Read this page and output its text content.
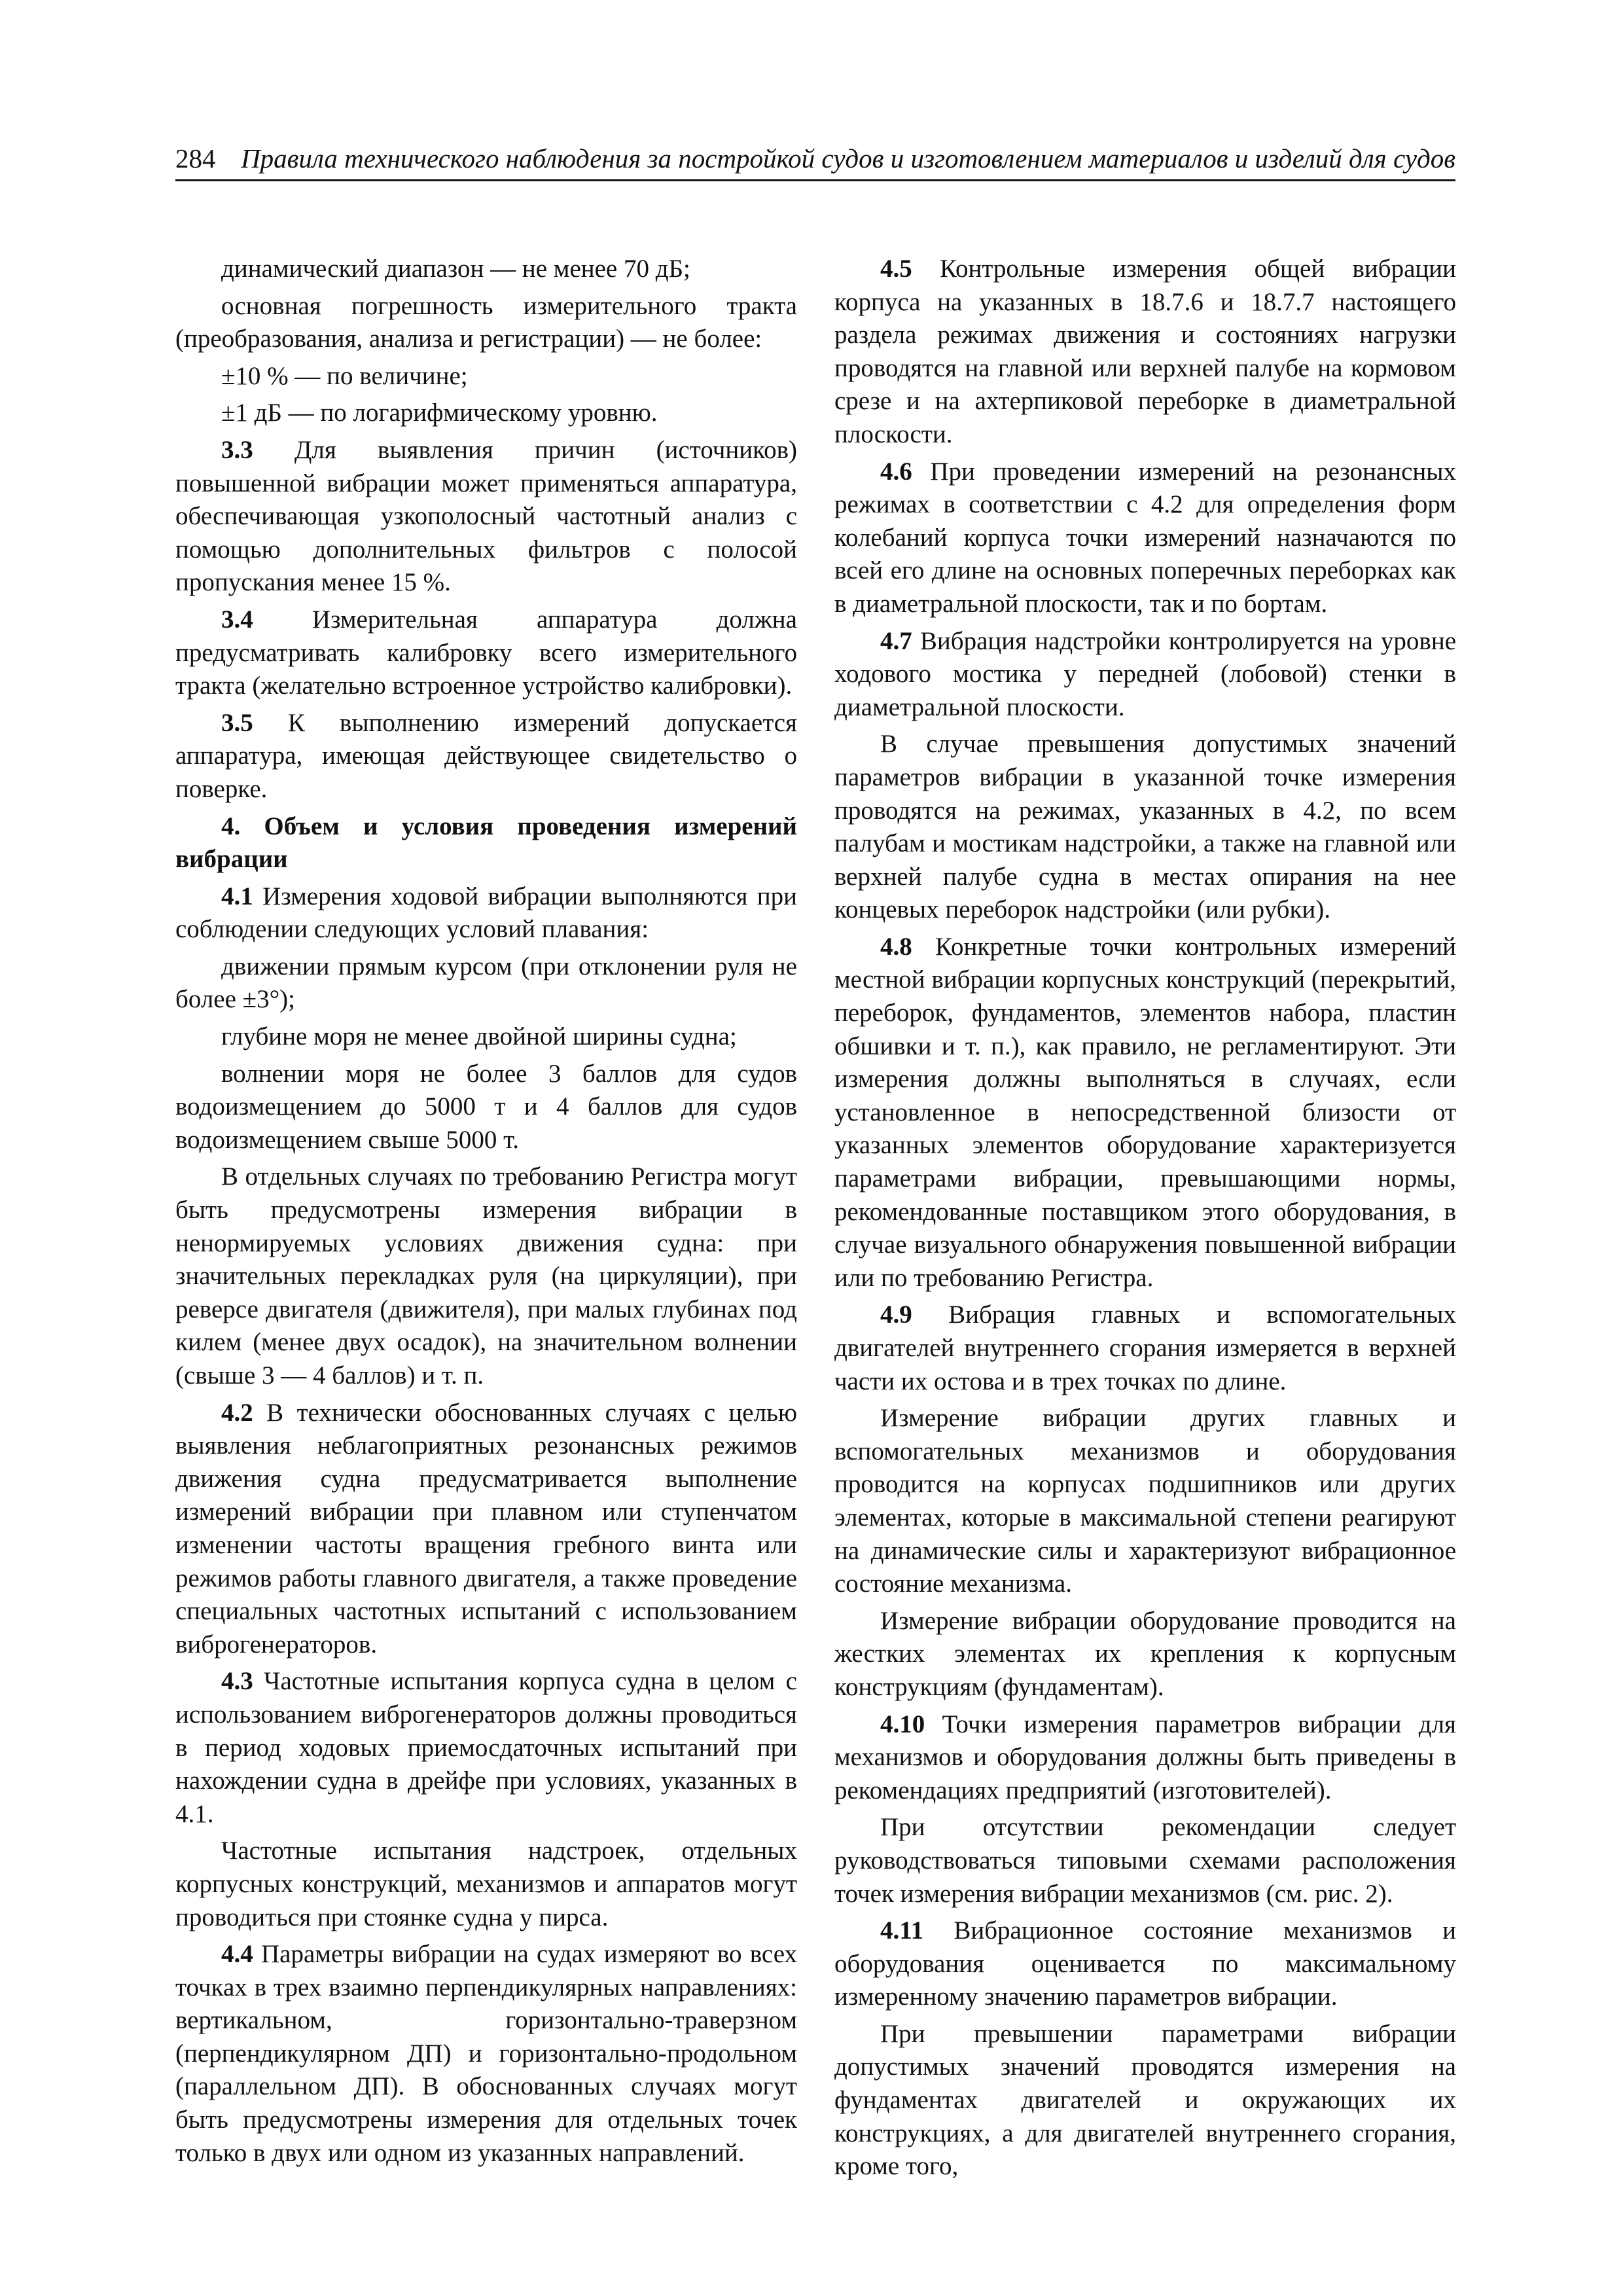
284 Правила технического наблюдения за постройкой судов и изготовлением материалов и изделий для судов

динамический диапазон — не менее 70 дБ;

основная погрешность измерительного тракта (преобразования, анализа и регистрации) — не более:

±10 % — по величине;

±1 дБ — по логарифмическому уровню.

3.3 Для выявления причин (источников) повышенной вибрации может применяться аппаратура, обеспечивающая узкополосный частотный анализ с помощью дополнительных фильтров с полосой пропускания менее 15 %.

3.4 Измерительная аппаратура должна предусматривать калибровку всего измерительного тракта (желательно встроенное устройство калибровки).

3.5 К выполнению измерений допускается аппаратура, имеющая действующее свидетельство о поверке.

4. Объем и условия проведения измерений вибрации

4.1 Измерения ходовой вибрации выполняются при соблюдении следующих условий плавания:

движении прямым курсом (при отклонении руля не более ±3°);

глубине моря не менее двойной ширины судна;

волнении моря не более 3 баллов для судов водоизмещением до 5000 т и 4 баллов для судов водоизмещением свыше 5000 т.

В отдельных случаях по требованию Регистра могут быть предусмотрены измерения вибрации в ненормируемых условиях движения судна: при значительных перекладках руля (на циркуляции), при реверсе двигателя (движителя), при малых глубинах под килем (менее двух осадок), на значительном волнении (свыше 3 — 4 баллов) и т. п.

4.2 В технически обоснованных случаях с целью выявления неблагоприятных резонансных режимов движения судна предусматривается выполнение измерений вибрации при плавном или ступенчатом изменении частоты вращения гребного винта или режимов работы главного двигателя, а также проведение специальных частотных испытаний с использованием виброгенераторов.

4.3 Частотные испытания корпуса судна в целом с использованием виброгенераторов должны проводиться в период ходовых приемосдаточных испытаний при нахождении судна в дрейфе при условиях, указанных в 4.1.

Частотные испытания надстроек, отдельных корпусных конструкций, механизмов и аппаратов могут проводиться при стоянке судна у пирса.

4.4 Параметры вибрации на судах измеряют во всех точках в трех взаимно перпендикулярных направлениях: вертикальном, горизонтально-траверзном (перпендикулярном ДП) и горизонтально-продольном (параллельном ДП). В обоснованных случаях могут быть предусмотрены измерения для отдельных точек только в двух или одном из указанных направлений.

4.5 Контрольные измерения общей вибрации корпуса на указанных в 18.7.6 и 18.7.7 настоящего раздела режимах движения и состояниях нагрузки проводятся на главной или верхней палубе на кормовом срезе и на ахтерпиковой переборке в диаметральной плоскости.

4.6 При проведении измерений на резонансных режимах в соответствии с 4.2 для определения форм колебаний корпуса точки измерений назначаются по всей его длине на основных поперечных переборках как в диаметральной плоскости, так и по бортам.

4.7 Вибрация надстройки контролируется на уровне ходового мостика у передней (лобовой) стенки в диаметральной плоскости.

В случае превышения допустимых значений параметров вибрации в указанной точке измерения проводятся на режимах, указанных в 4.2, по всем палубам и мостикам надстройки, а также на главной или верхней палубе судна в местах опирания на нее концевых переборок надстройки (или рубки).

4.8 Конкретные точки контрольных измерений местной вибрации корпусных конструкций (перекрытий, переборок, фундаментов, элементов набора, пластин обшивки и т. п.), как правило, не регламентируют. Эти измерения должны выполняться в случаях, если установленное в непосредственной близости от указанных элементов оборудование характеризуется параметрами вибрации, превышающими нормы, рекомендованные поставщиком этого оборудования, в случае визуального обнаружения повышенной вибрации или по требованию Регистра.

4.9 Вибрация главных и вспомогательных двигателей внутреннего сгорания измеряется в верхней части их остова и в трех точках по длине.

Измерение вибрации других главных и вспомогательных механизмов и оборудования проводится на корпусах подшипников или других элементах, которые в максимальной степени реагируют на динамические силы и характеризуют вибрационное состояние механизма.

Измерение вибрации оборудование проводится на жестких элементах их крепления к корпусным конструкциям (фундаментам).

4.10 Точки измерения параметров вибрации для механизмов и оборудования должны быть приведены в рекомендациях предприятий (изготовителей).

При отсутствии рекомендации следует руководствоваться типовыми схемами расположения точек измерения вибрации механизмов (см. рис. 2).

4.11 Вибрационное состояние механизмов и оборудования оценивается по максимальному измеренному значению параметров вибрации.

При превышении параметрами вибрации допустимых значений проводятся измерения на фундаментах двигателей и окружающих их конструкциях, а для двигателей внутреннего сгорания, кроме того,
